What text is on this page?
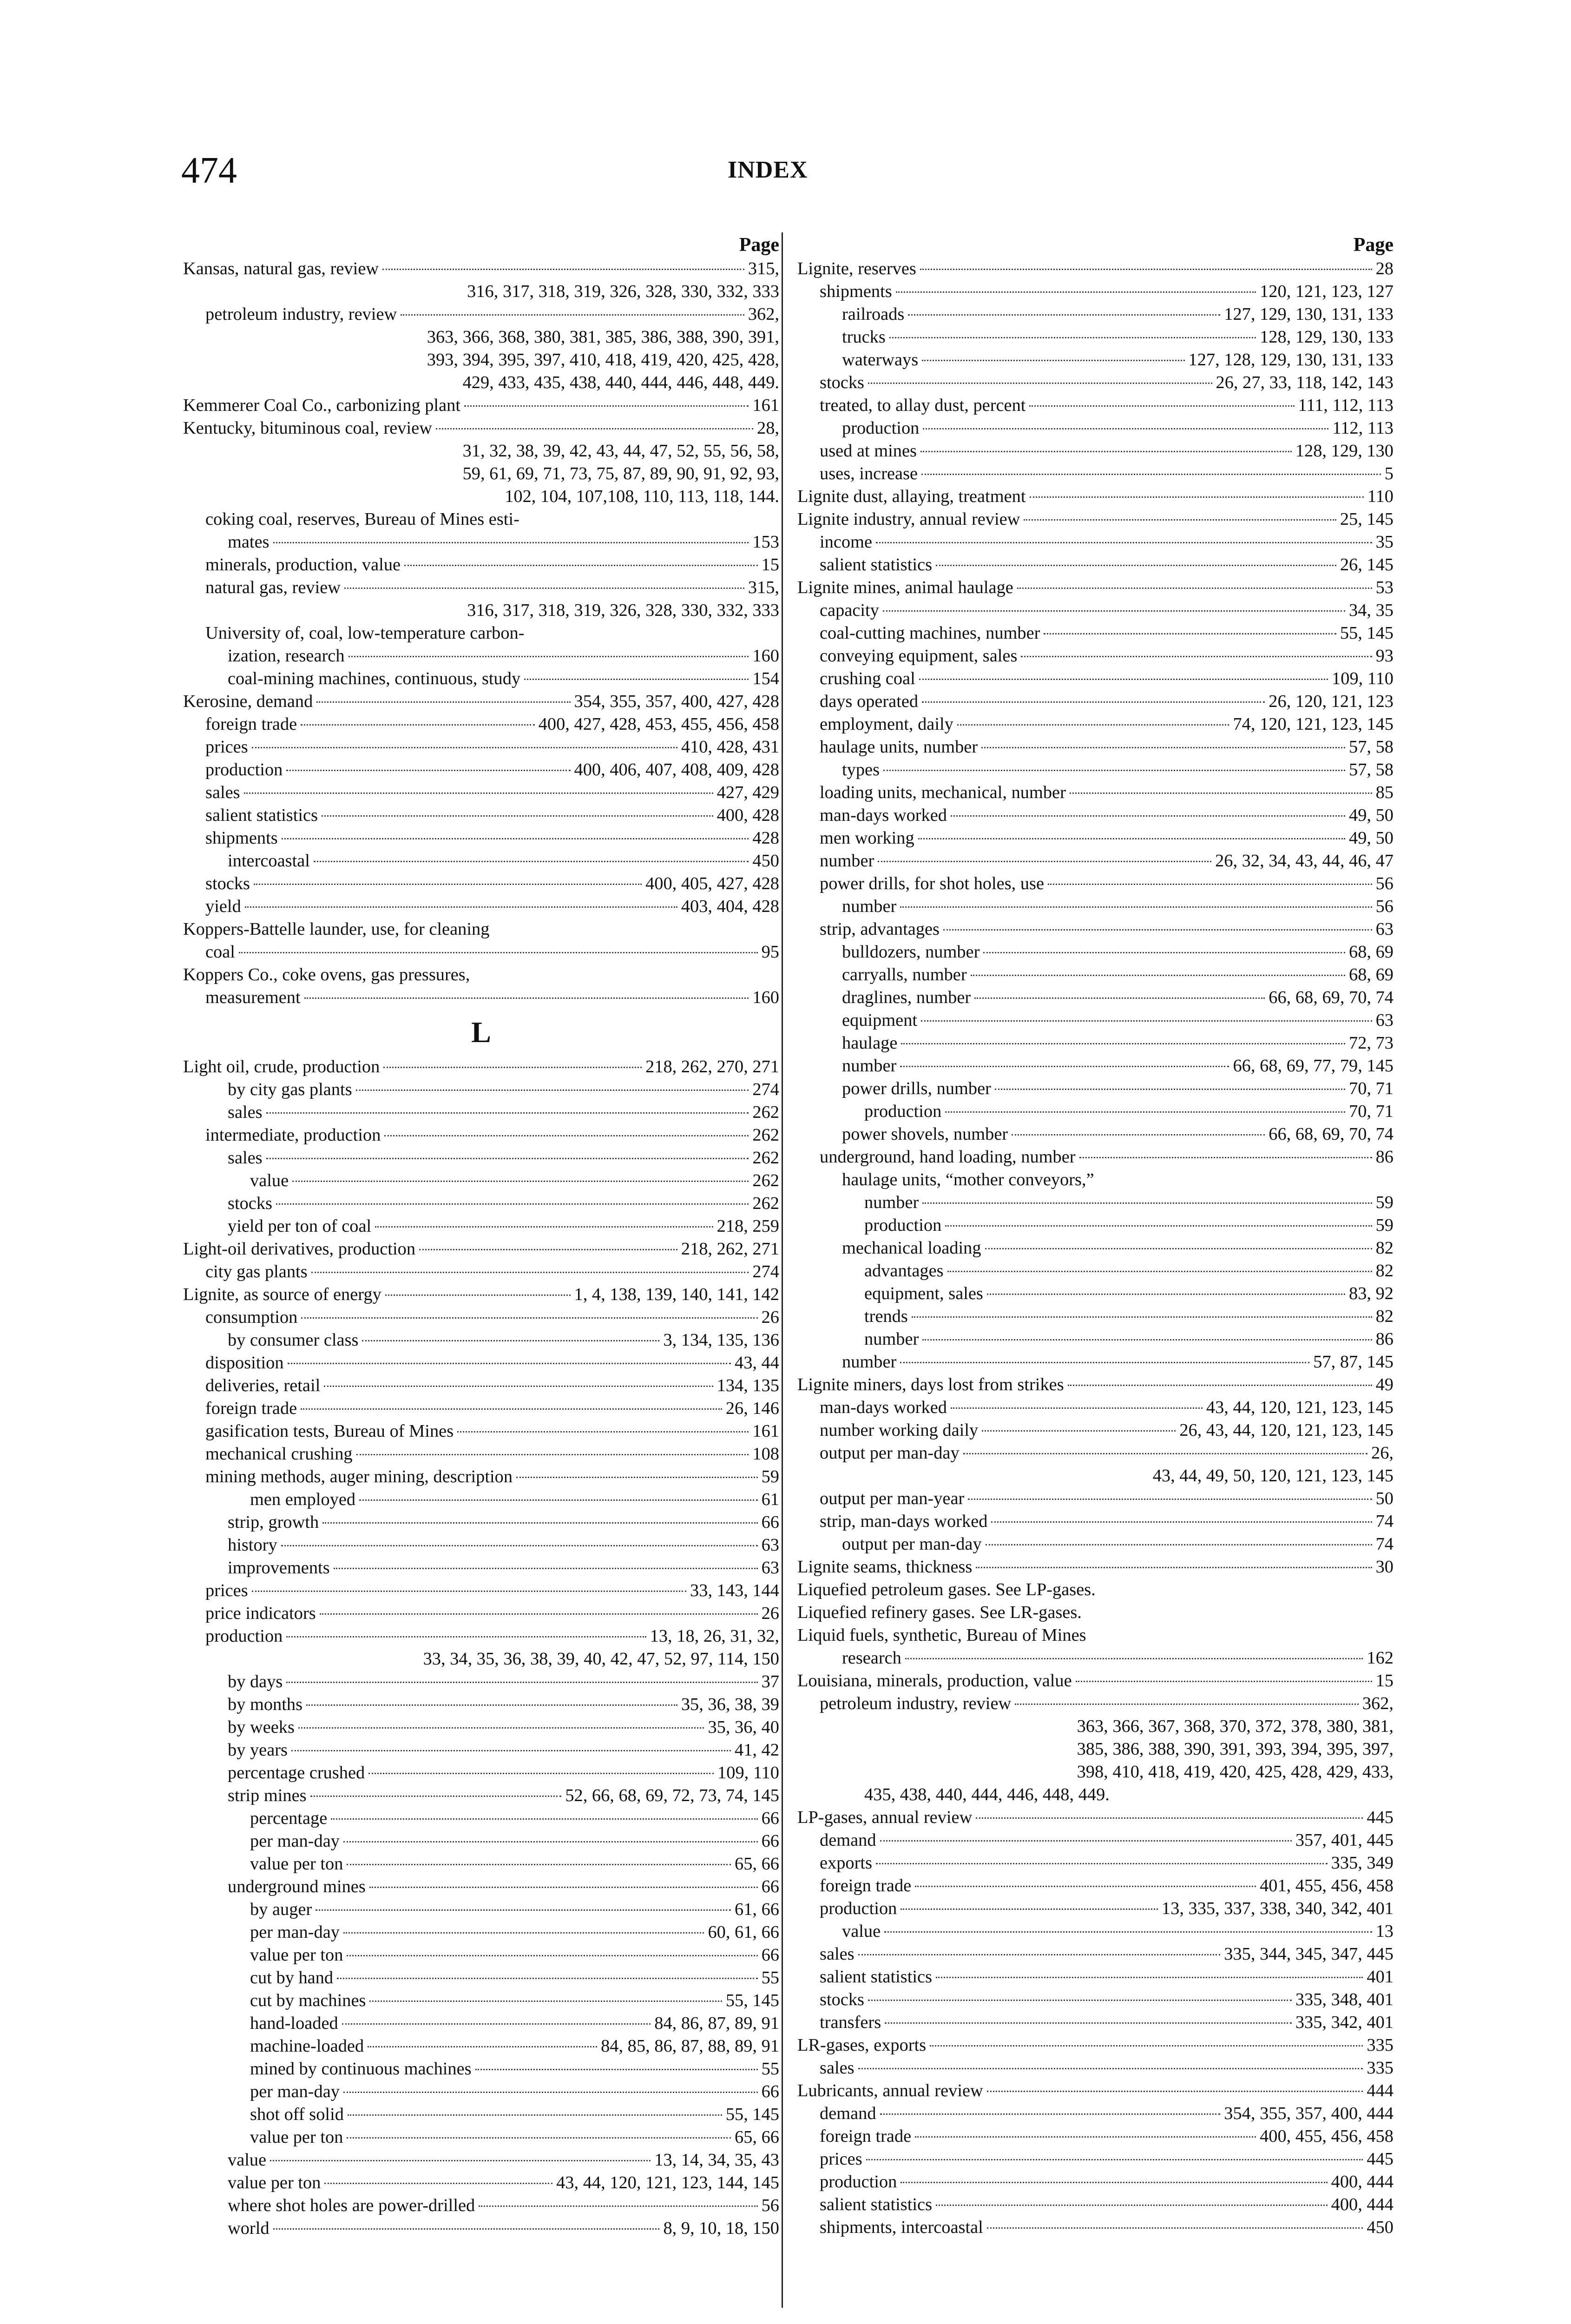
474	INDEX
Page
Kansas, natural gas, review	315,
316, 317, 318, 319, 326, 328, 330, 332, 333
petroleum industry, review	362,
363, 366, 368, 380, 381, 385, 386, 388, 390, 391,
393, 394, 395, 397, 410, 418, 419, 420, 425, 428,
429, 433, 435, 438, 440, 444, 446, 448, 449.
Kemmerer Coal Co., carbonizing plant	161
Kentucky, bituminous coal, review	28,
31, 32, 38, 39, 42, 43, 44, 47, 52, 55, 56, 58,
59, 61, 69, 71, 73, 75, 87, 89, 90, 91, 92, 93,
102, 104, 107,108, 110, 113, 118, 144.
coking coal, reserves, Bureau of Mines esti-
mates	153
minerals, production, value	15
natural gas, review	315,
316, 317, 318, 319, 326, 328, 330, 332, 333
University of, coal, low-temperature carbon-
ization, research	160
coal-mining machines, continuous, study	154
Kerosine, demand	354, 355, 357, 400, 427, 428
foreign trade	400, 427, 428, 453, 455, 456, 458
prices	410, 428, 431
production	400, 406, 407, 408, 409, 428
sales	427, 429
salient statistics	400, 428
shipments	428
intercoastal	450
stocks	400, 405, 427, 428
yield	403, 404, 428
Koppers-Battelle launder, use, for cleaning
coal	95
Koppers Co., coke ovens, gas pressures,
measurement	160
L
Light oil, crude, production	218, 262, 270, 271
by city gas plants	274
sales	262
intermediate, production	262
sales	262
value	262
stocks	262
yield per ton of coal	218, 259
Light-oil derivatives, production	218, 262, 271
city gas plants	274
Lignite, as source of energy	1, 4, 138, 139, 140, 141, 142
consumption	26
by consumer class	3, 134, 135, 136
disposition	43, 44
deliveries, retail	134, 135
foreign trade	26, 146
gasification tests, Bureau of Mines	161
mechanical crushing	108
mining methods, auger mining, description	59
men employed	61
strip, growth	66
history	63
improvements	63
prices	33, 143, 144
price indicators	26
production	13, 18, 26, 31, 32,
33, 34, 35, 36, 38, 39, 40, 42, 47, 52, 97, 114, 150
by days	37
by months	35, 36, 38, 39
by weeks	35, 36, 40
by years	41, 42
percentage crushed	109, 110
strip mines	52, 66, 68, 69, 72, 73, 74, 145
percentage	66
per man-day	66
value per ton	65, 66
underground mines	66
by auger	61, 66
per man-day	60, 61, 66
value per ton	66
cut by hand	55
cut by machines	55, 145
hand-loaded	84, 86, 87, 89, 91
machine-loaded	84, 85, 86, 87, 88, 89, 91
mined by continuous machines	55
per man-day	66
shot off solid	55, 145
value per ton	65, 66
value	13, 14, 34, 35, 43
value per ton	43, 44, 120, 121, 123, 144, 145
where shot holes are power-drilled	56
world	8, 9, 10, 18, 150
Page
Lignite, reserves	28
shipments	120, 121, 123, 127
railroads	127, 129, 130, 131, 133
trucks	128, 129, 130, 133
waterways	127, 128, 129, 130, 131, 133
stocks	26, 27, 33, 118, 142, 143
treated, to allay dust, percent	111, 112, 113
production	112, 113
used at mines	128, 129, 130
uses, increase	5
Lignite dust, allaying, treatment	110
Lignite industry, annual review	25, 145
income	35
salient statistics	26, 145
Lignite mines, animal haulage	53
capacity	34, 35
coal-cutting machines, number	55, 145
conveying equipment, sales	93
crushing coal	109, 110
days operated	26, 120, 121, 123
employment, daily	74, 120, 121, 123, 145
haulage units, number	57, 58
types	57, 58
loading units, mechanical, number	85
man-days worked	49, 50
men working	49, 50
number	26, 32, 34, 43, 44, 46, 47
power drills, for shot holes, use	56
number	56
strip, advantages	63
bulldozers, number	68, 69
carryalls, number	68, 69
draglines, number	66, 68, 69, 70, 74
equipment	63
haulage	72, 73
number	66, 68, 69, 77, 79, 145
power drills, number	70, 71
production	70, 71
power shovels, number	66, 68, 69, 70, 74
underground, hand loading, number	86
haulage units, “mother conveyors,”
number	59
production	59
mechanical loading	82
advantages	82
equipment, sales	83, 92
trends	82
number	86
number	57, 87, 145
Lignite miners, days lost from strikes	49
man-days worked	43, 44, 120, 121, 123, 145
number working daily	26, 43, 44, 120, 121, 123, 145
output per man-day	26,
43, 44, 49, 50, 120, 121, 123, 145
output per man-year	50
strip, man-days worked	74
output per man-day	74
Lignite seams, thickness	30
Liquefied petroleum gases. See LP-gases.
Liquefied refinery gases. See LR-gases.
Liquid fuels, synthetic, Bureau of Mines
research	162
Louisiana, minerals, production, value	15
petroleum industry, review	362,
363, 366, 367, 368, 370, 372, 378, 380, 381,
385, 386, 388, 390, 391, 393, 394, 395, 397,
398, 410, 418, 419, 420, 425, 428, 429, 433,
435, 438, 440, 444, 446, 448, 449.
LP-gases, annual review	445
demand	357, 401, 445
exports	335, 349
foreign trade	401, 455, 456, 458
production	13, 335, 337, 338, 340, 342, 401
value	13
sales	335, 344, 345, 347, 445
salient statistics	401
stocks	335, 348, 401
transfers	335, 342, 401
LR-gases, exports	335
sales	335
Lubricants, annual review	444
demand	354, 355, 357, 400, 444
foreign trade	400, 455, 456, 458
prices	445
production	400, 444
salient statistics	400, 444
shipments, intercoastal	450
